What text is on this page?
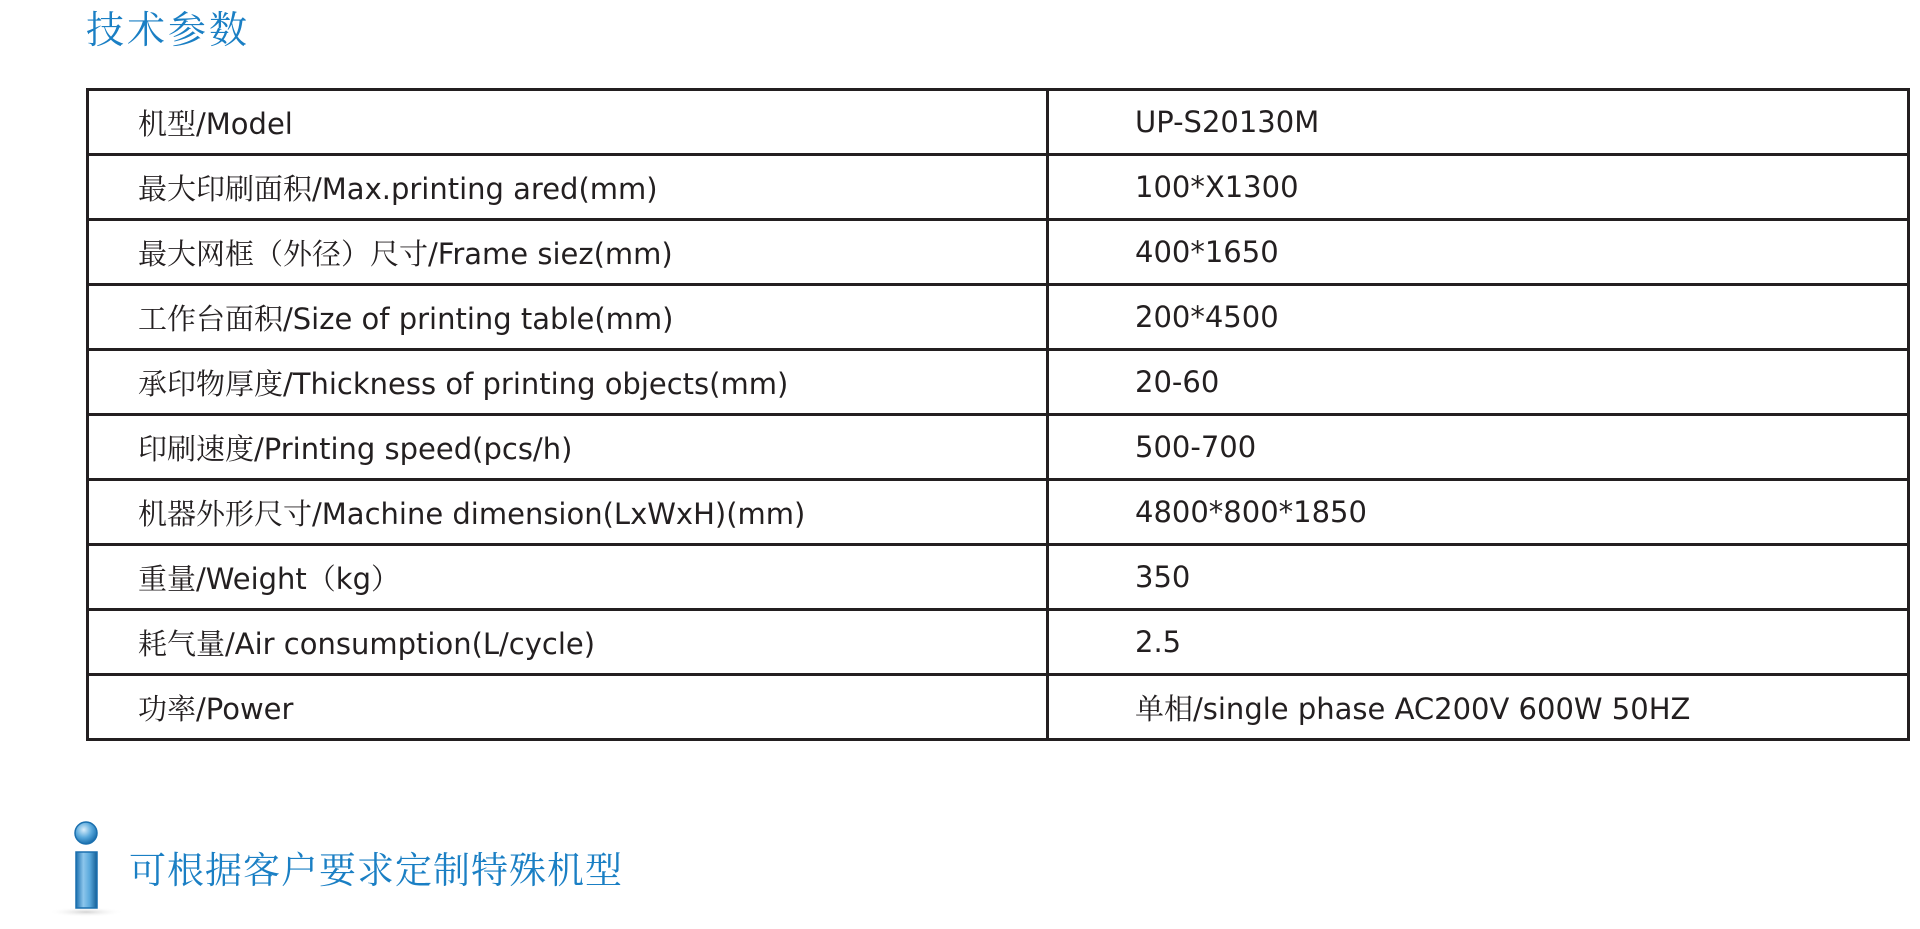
技术参数
机型/Model	UP-S20130M
最大印刷面积/Max.printing ared(mm)	100*X1300
最大网框（外径）尺寸/Frame siez(mm)	400*1650
工作台面积/Size of printing table(mm)	200*4500
承印物厚度/Thickness of printing objects(mm)	20-60
印刷速度/Printing speed(pcs/h)	500-700
机器外形尺寸/Machine dimension(LxWxH)(mm)	4800*800*1850
重量/Weight（kg）	350
耗气量/Air consumption(L/cycle)	2.5
功率/Power	单相/single phase AC200V 600W 50HZ
可根据客户要求定制特殊机型
